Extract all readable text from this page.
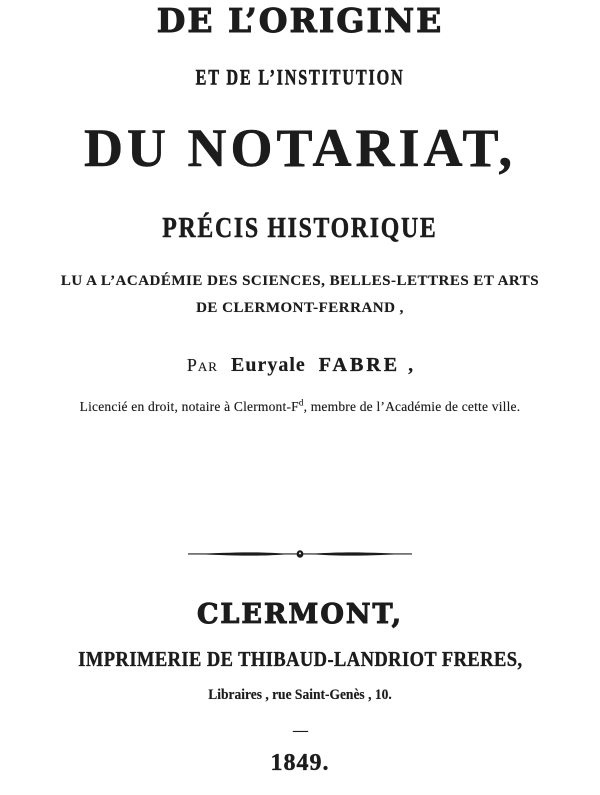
DE L’ORIGINE
ET DE L’INSTITUTION
DU NOTARIAT,
PRÉCIS HISTORIQUE
LU A L’ACADÉMIE DES SCIENCES, BELLES-LETTRES ET ARTS
DE CLERMONT-FERRAND ,
Par Euryale FABRE ,
Licencié en droit, notaire à Clermont-$F^d$, membre de l’Académie de cette ville.
CLERMONT,
IMPRIMERIE DE THIBAUD-LANDRIOT FRERES,
Libraires , rue Saint-Genès , 10.
—
1849.
